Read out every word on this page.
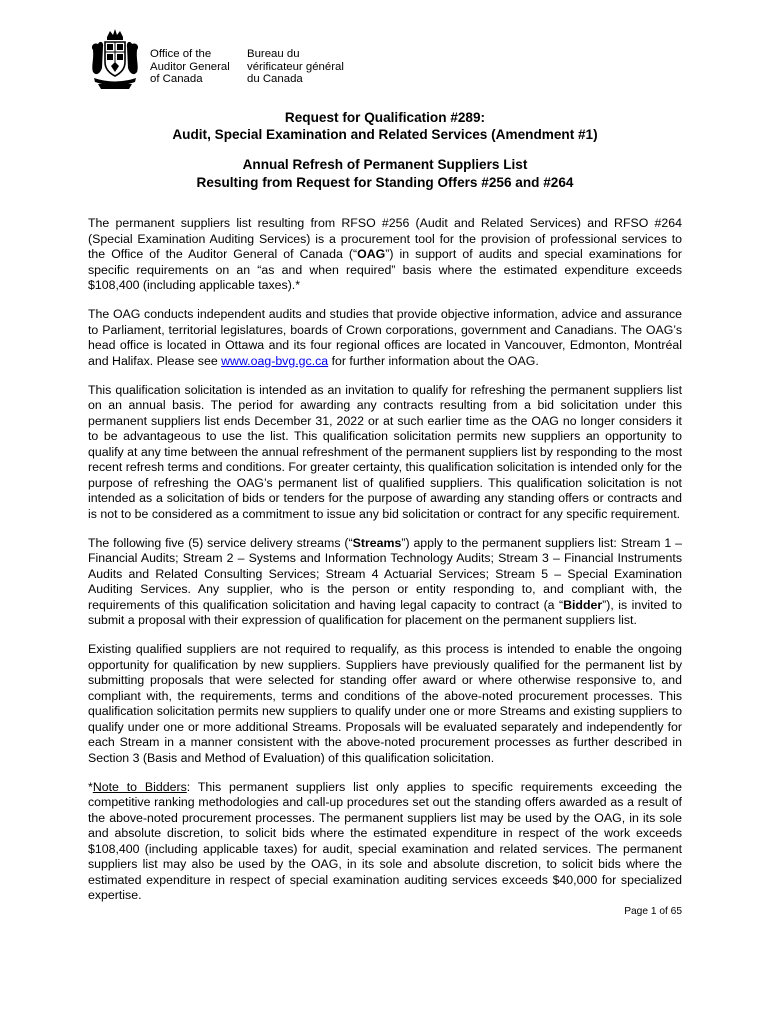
Office of the
Auditor General
of Canada
Bureau du
vérificateur général
du Canada
Request for Qualification #289:
Audit, Special Examination and Related Services (Amendment #1)
Annual Refresh of Permanent Suppliers List
Resulting from Request for Standing Offers #256 and #264

The permanent suppliers list resulting from RFSO #256 (Audit and Related Services) and RFSO #264 (Special Examination Auditing Services) is a procurement tool for the provision of professional services to the Office of the Auditor General of Canada (“OAG”) in support of audits and special examinations for specific requirements on an “as and when required” basis where the estimated expenditure exceeds $108,400 (including applicable taxes).*

The OAG conducts independent audits and studies that provide objective information, advice and assurance to Parliament, territorial legislatures, boards of Crown corporations, government and Canadians. The OAG’s head office is located in Ottawa and its four regional offices are located in Vancouver, Edmonton, Montréal and Halifax. Please see www.oag-bvg.gc.ca for further information about the OAG.

This qualification solicitation is intended as an invitation to qualify for refreshing the permanent suppliers list on an annual basis. The period for awarding any contracts resulting from a bid solicitation under this permanent suppliers list ends December 31, 2022 or at such earlier time as the OAG no longer considers it to be advantageous to use the list. This qualification solicitation permits new suppliers an opportunity to qualify at any time between the annual refreshment of the permanent suppliers list by responding to the most recent refresh terms and conditions. For greater certainty, this qualification solicitation is intended only for the purpose of refreshing the OAG’s permanent list of qualified suppliers. This qualification solicitation is not intended as a solicitation of bids or tenders for the purpose of awarding any standing offers or contracts and is not to be considered as a commitment to issue any bid solicitation or contract for any specific requirement.

The following five (5) service delivery streams (“Streams”) apply to the permanent suppliers list: Stream 1 – Financial Audits; Stream 2 – Systems and Information Technology Audits; Stream 3 – Financial Instruments Audits and Related Consulting Services; Stream 4 Actuarial Services; Stream 5 – Special Examination Auditing Services. Any supplier, who is the person or entity responding to, and compliant with, the requirements of this qualification solicitation and having legal capacity to contract (a “Bidder”), is invited to submit a proposal with their expression of qualification for placement on the permanent suppliers list.

Existing qualified suppliers are not required to requalify, as this process is intended to enable the ongoing opportunity for qualification by new suppliers. Suppliers have previously qualified for the permanent list by submitting proposals that were selected for standing offer award or where otherwise responsive to, and compliant with, the requirements, terms and conditions of the above-noted procurement processes. This qualification solicitation permits new suppliers to qualify under one or more Streams and existing suppliers to qualify under one or more additional Streams. Proposals will be evaluated separately and independently for each Stream in a manner consistent with the above-noted procurement processes as further described in Section 3 (Basis and Method of Evaluation) of this qualification solicitation.

*Note to Bidders: This permanent suppliers list only applies to specific requirements exceeding the competitive ranking methodologies and call-up procedures set out the standing offers awarded as a result of the above-noted procurement processes. The permanent suppliers list may be used by the OAG, in its sole and absolute discretion, to solicit bids where the estimated expenditure in respect of the work exceeds $108,400 (including applicable taxes) for audit, special examination and related services. The permanent suppliers list may also be used by the OAG, in its sole and absolute discretion, to solicit bids where the estimated expenditure in respect of special examination auditing services exceeds $40,000 for specialized expertise.

Page 1 of 65
